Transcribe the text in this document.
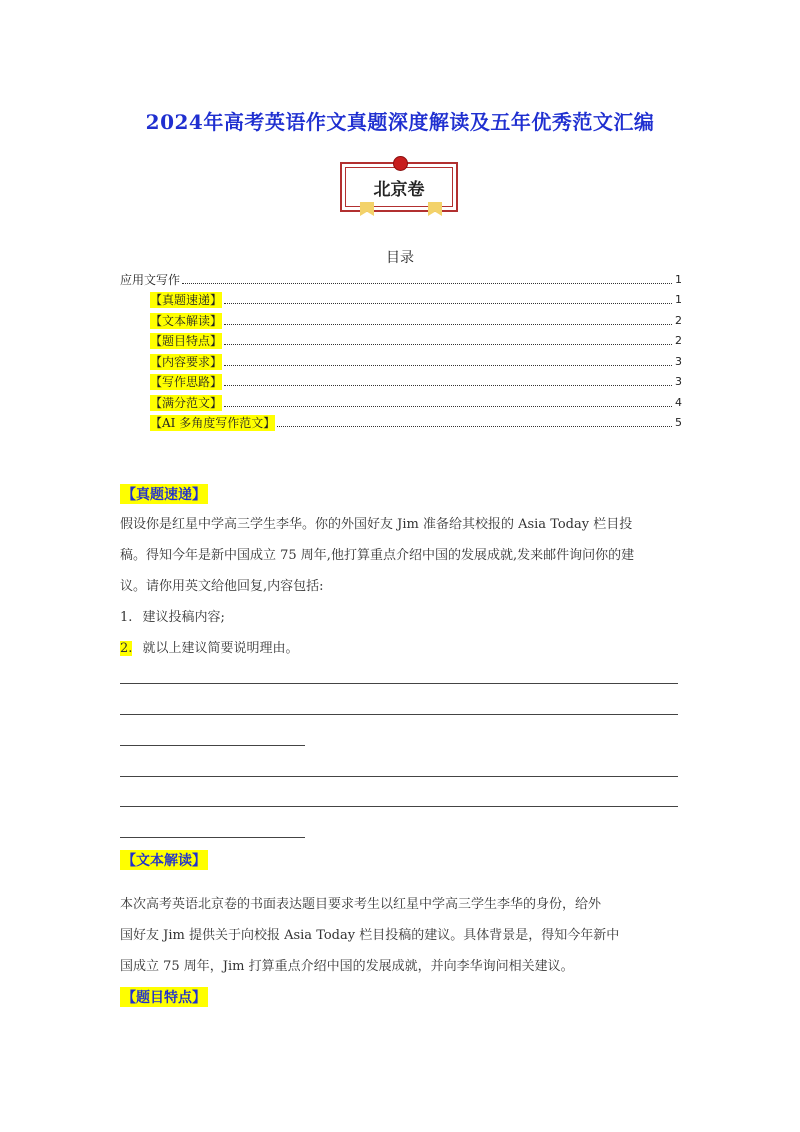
2024年高考英语作文真题深度解读及五年优秀范文汇编
北京卷
目录
应用文写作	1
【真题速递】	1
【文本解读】	2
【题目特点】	2
【内容要求】	3
【写作思路】	3
【满分范文】	4
【AI 多角度写作范文】	5
【真题速递】
假设你是红星中学高三学生李华。你的外国好友 Jim 准备给其校报的 Asia Today 栏目投
稿。得知今年是新中国成立 75 周年,他打算重点介绍中国的发展成就,发来邮件询问你的建
议。请你用英文给他回复,内容包括:
1. 建议投稿内容;
2. 就以上建议简要说明理由。
【文本解读】
本次高考英语北京卷的书面表达题目要求考生以红星中学高三学生李华的身份，给外
国好友 Jim 提供关于向校报 Asia Today 栏目投稿的建议。具体背景是，得知今年新中
国成立 75 周年，Jim 打算重点介绍中国的发展成就，并向李华询问相关建议。
【题目特点】
